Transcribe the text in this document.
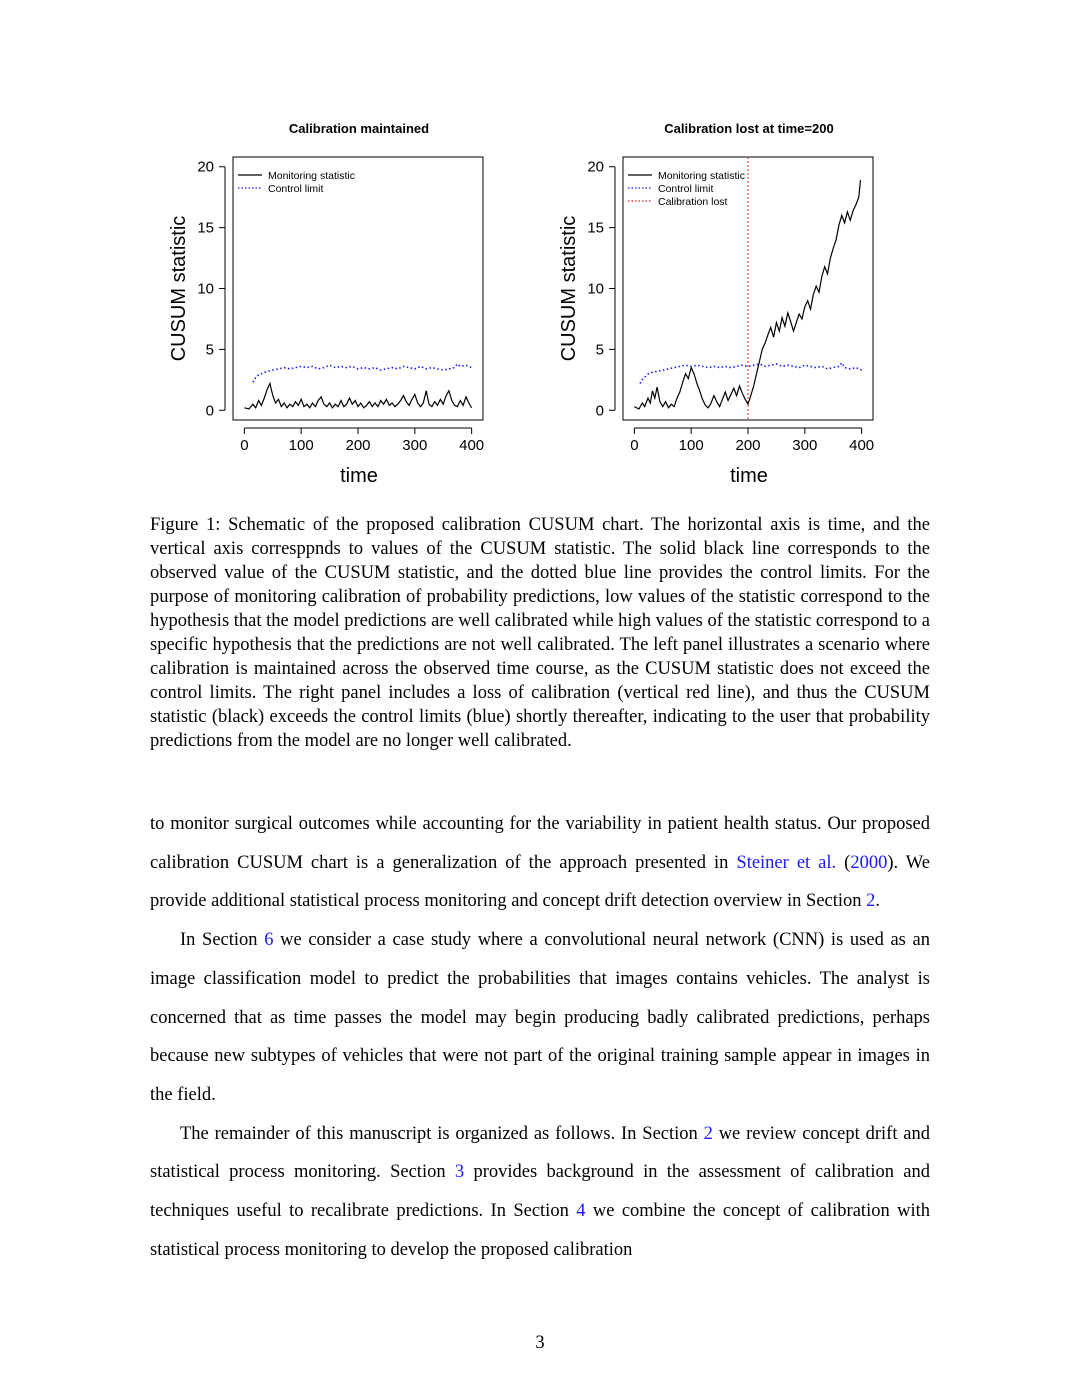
Calibration maintained
0
5
10
15
20
CUSUM statistic
0	100 200 300 400
time
Monitoring statistic
Control limit
Calibration lost at time=200
0
5
10
15
20
CUSUM statistic
0	100 200 300 400
time
Monitoring statistic
Control limit
Calibration lost
Figure 1: Schematic of the proposed calibration CUSUM chart. The horizontal axis is time, and the vertical axis corresppnds to values of the CUSUM statistic. The solid black line corresponds to the observed value of the CUSUM statistic, and the dotted blue line provides the control limits. For the purpose of monitoring calibration of probability predictions, low values of the statistic correspond to the hypothesis that the model predictions are well calibrated while high values of the statistic correspond to a specific hypothesis that the predictions are not well calibrated. The left panel illustrates a scenario where calibration is maintained across the observed time course, as the CUSUM statistic does not exceed the control limits. The right panel includes a loss of calibration (vertical red line), and thus the CUSUM statistic (black) exceeds the control limits (blue) shortly thereafter, indicating to the user that probability predictions from the model are no longer well calibrated.

to monitor surgical outcomes while accounting for the variability in patient health status. Our proposed calibration CUSUM chart is a generalization of the approach presented in Steiner et al. (2000). We provide additional statistical process monitoring and concept drift detection overview in Section 2.

In Section 6 we consider a case study where a convolutional neural network (CNN) is used as an image classification model to predict the probabilities that images contains vehicles. The analyst is concerned that as time passes the model may begin producing badly calibrated predictions, perhaps because new subtypes of vehicles that were not part of the original training sample appear in images in the field.

The remainder of this manuscript is organized as follows. In Section 2 we review concept drift and statistical process monitoring. Section 3 provides background in the assessment of calibration and techniques useful to recalibrate predictions. In Section 4 we combine the concept of calibration with statistical process monitoring to develop the proposed calibration

3
